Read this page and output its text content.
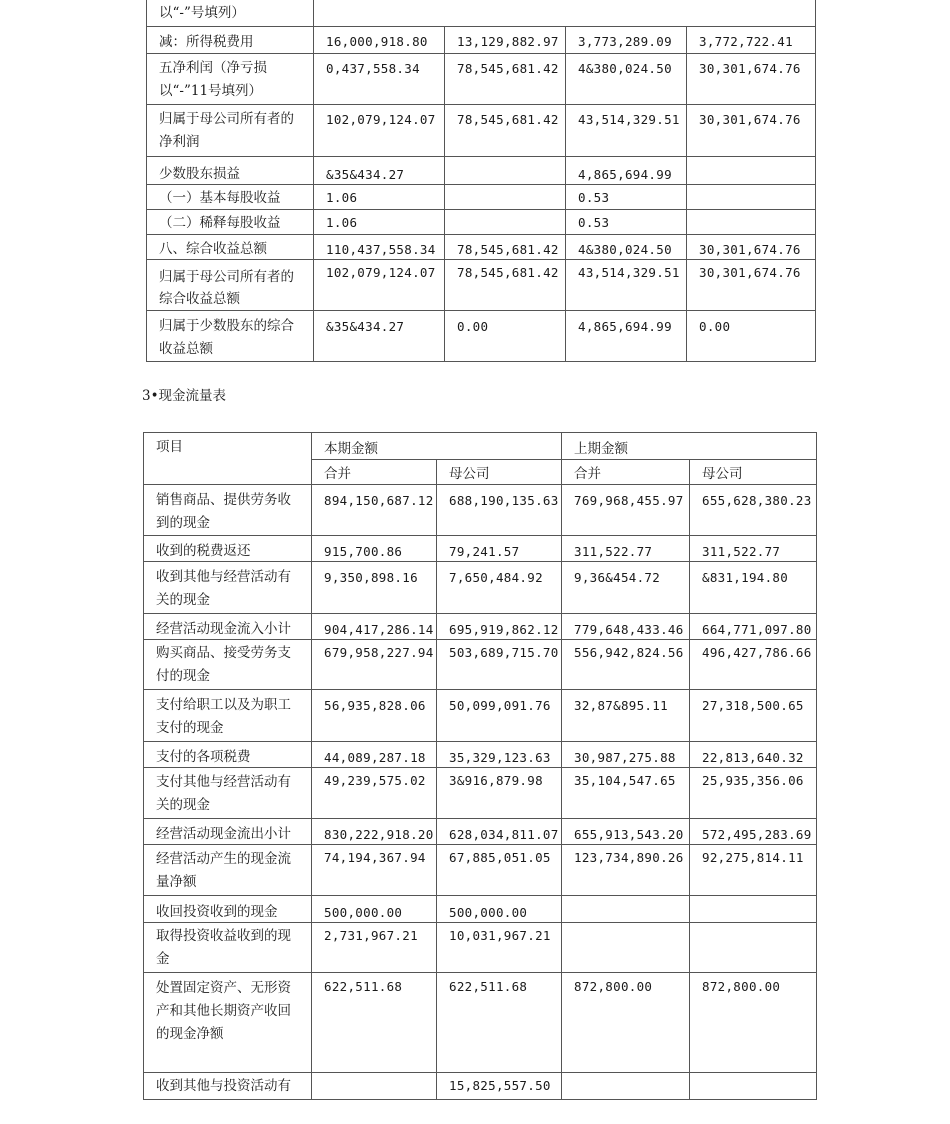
以“-”号填列）				

减：所得税费用	16,000,918.80	13,129,882.97	3,773,289.09	3,772,722.41

五净利闰（净亏损
以“-”11号填列）	0,437,558.34	78,545,681.42	4&380,024.50	30,301,674.76

归属于母公司所有者的
净利润	102,079,124.07	78,545,681.42	43,514,329.51	30,301,674.76

少数股东损益	&35&434.27		4,865,694.99	

（一）基本每股收益	1.06		0.53	

（二）稀释每股收益	1.06		0.53	

八、综合收益总额	110,437,558.34	78,545,681.42	4&380,024.50	30,301,674.76

归属于母公司所有者的
综合收益总额	102,079,124.07	78,545,681.42	43,514,329.51	30,301,674.76

归属于少数股东的综合
收益总额	&35&434.27	0.00	4,865,694.99	0.00
3•现金流量表
项目	本期金额		上期金额	

	合并	母公司	合并	母公司

销售商品、提供劳务收
到的现金	894,150,687.12	688,190,135.63	769,968,455.97	655,628,380.23

收到的税费返还	915,700.86	79,241.57	311,522.77	311,522.77

收到其他与经营活动有
关的现金	9,350,898.16	7,650,484.92	9,36&454.72	&831,194.80

经营活动现金流入小计	904,417,286.14	695,919,862.12	779,648,433.46	664,771,097.80

购买商品、接受劳务支
付的现金	679,958,227.94	503,689,715.70	556,942,824.56	496,427,786.66

支付给职工以及为职工
支付的现金	56,935,828.06	50,099,091.76	32,87&895.11	27,318,500.65

支付的各项税费	44,089,287.18	35,329,123.63	30,987,275.88	22,813,640.32

支付其他与经营活动有
关的现金	49,239,575.02	3&916,879.98	35,104,547.65	25,935,356.06

经营活动现金流出小计	830,222,918.20	628,034,811.07	655,913,543.20	572,495,283.69

经营活动产生的现金流
量净额	74,194,367.94	67,885,051.05	123,734,890.26	92,275,814.11

收回投资收到的现金	500,000.00	500,000.00		

取得投资收益收到的现
金	2,731,967.21	10,031,967.21		

处置固定资产、无形资
产和其他长期资产收回
的现金净额	622,511.68	622,511.68	872,800.00	872,800.00

收到其他与投资活动有		15,825,557.50		
